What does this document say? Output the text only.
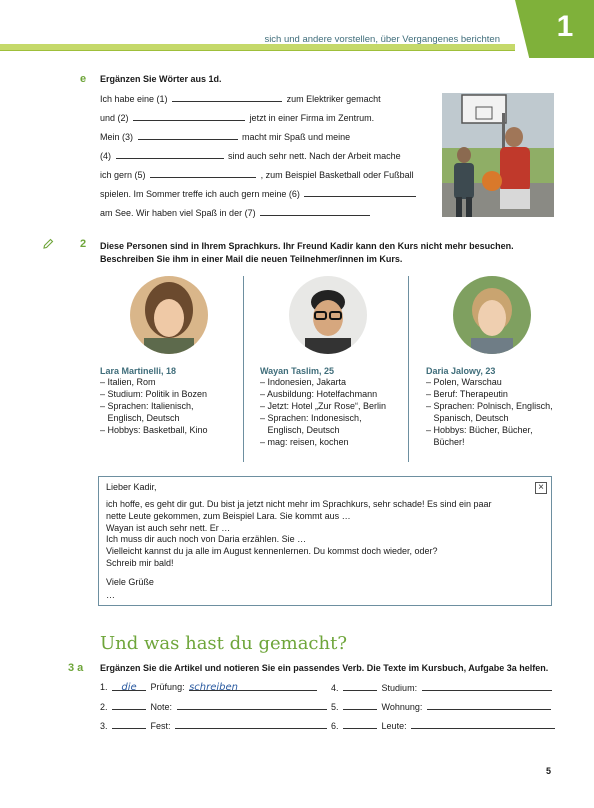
sich und andere vorstellen, über Vergangenes berichten	1
e Ergänzen Sie Wörter aus 1d.
Ich habe eine (1)	zum Elektriker gemacht
und (2)	jetzt in einer Firma im Zentrum.
Mein (3)	macht mir Spaß und meine
(4)	sind auch sehr nett. Nach der Arbeit mache
ich gern (5)	, zum Beispiel Basketball oder Fußball
spielen. Im Sommer treffe ich auch gern meine (6)
am See. Wir haben viel Spaß in der (7)
2 Diese Personen sind in Ihrem Sprachkurs. Ihr Freund Kadir kann den Kurs nicht mehr besuchen. Beschreiben Sie ihm in einer Mail die neuen Teilnehmer/innen im Kurs.
Lara Martinelli, 18
– Italien, Rom
– Studium: Politik in Bozen
– Sprachen: Italienisch,
Englisch, Deutsch
– Hobbys: Basketball, Kino
Wayan Taslim, 25
– Indonesien, Jakarta
– Ausbildung: Hotelfachmann
– Jetzt: Hotel „Zur Rose“, Berlin
– Sprachen: Indonesisch,
Englisch, Deutsch
– mag: reisen, kochen
Daria Jalowy, 23
– Polen, Warschau
– Beruf: Therapeutin
– Sprachen: Polnisch, Englisch,
Spanisch, Deutsch
– Hobbys: Bücher, Bücher,
Bücher!
×
Lieber Kadir,
ich hoffe, es geht dir gut. Du bist ja jetzt nicht mehr im Sprachkurs, sehr schade! Es sind ein paar
nette Leute gekommen, zum Beispiel Lara. Sie kommt aus …
Wayan ist auch sehr nett. Er …
Ich muss dir auch noch von Daria erzählen. Sie …
Vielleicht kannst du ja alle im August kennenlernen. Du kommst doch wieder, oder?
Schreib mir bald!
Viele Grüße
…
Und was hast du gemacht?
3 a Ergänzen Sie die Artikel und notieren Sie ein passendes Verb. Die Texte im Kursbuch, Aufgabe 3a helfen.
1. die Prüfung: schreiben
2.	Note:
3.	Fest:
4.	Studium:
5.	Wohnung:
6.	Leute:
5
